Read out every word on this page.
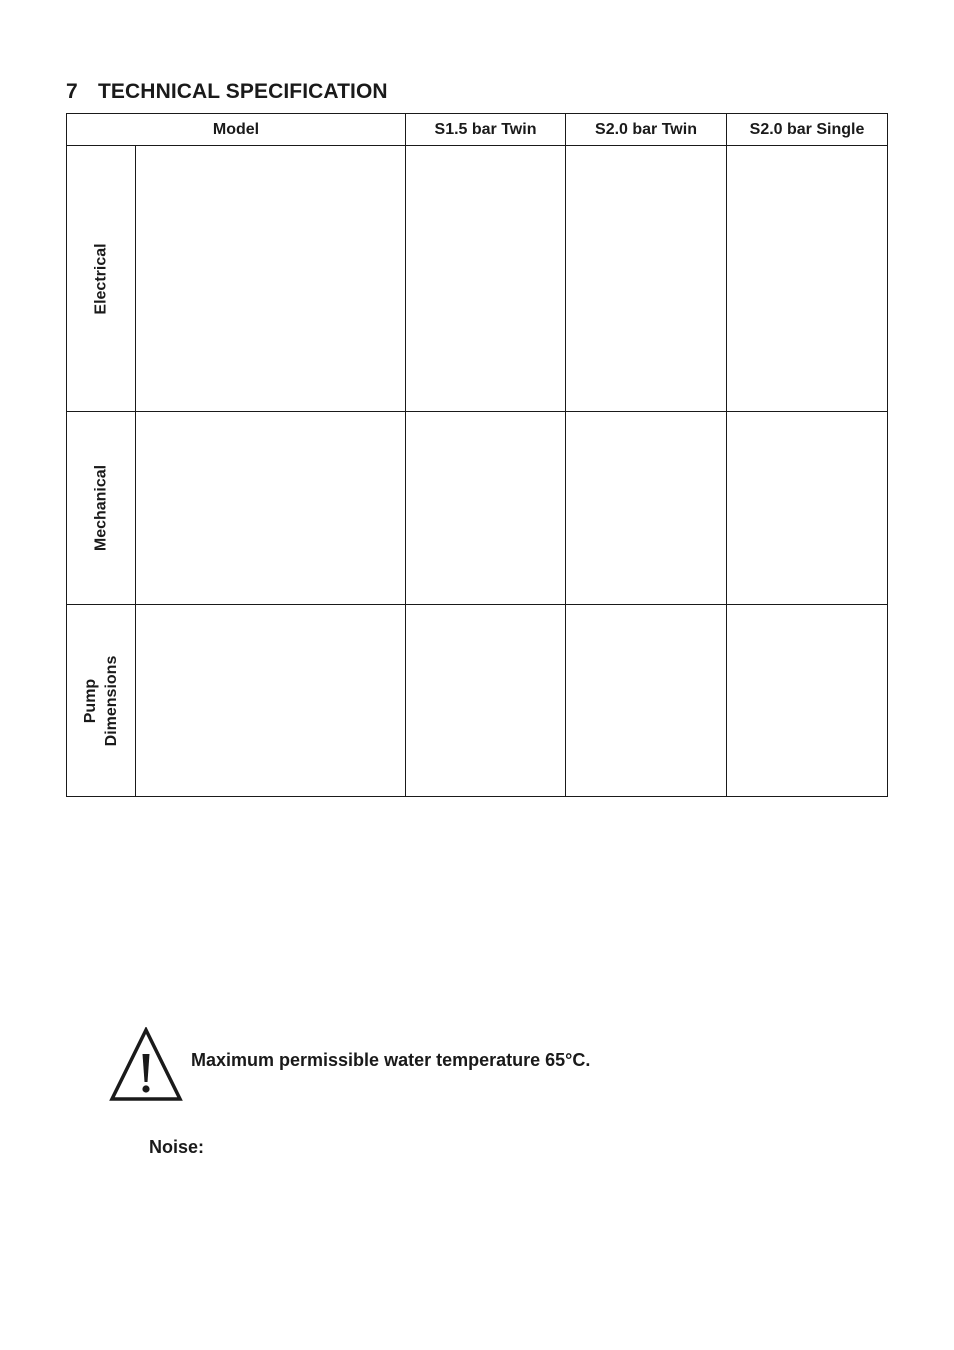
7 TECHNICAL SPECIFICATION
Model		S1.5 bar Twin	S2.0 bar Twin	S2.0 bar Single

Electrical				

Mechanical				

Pump Dimensions				

Maximum permissible water temperature 65°C.
Noise:
